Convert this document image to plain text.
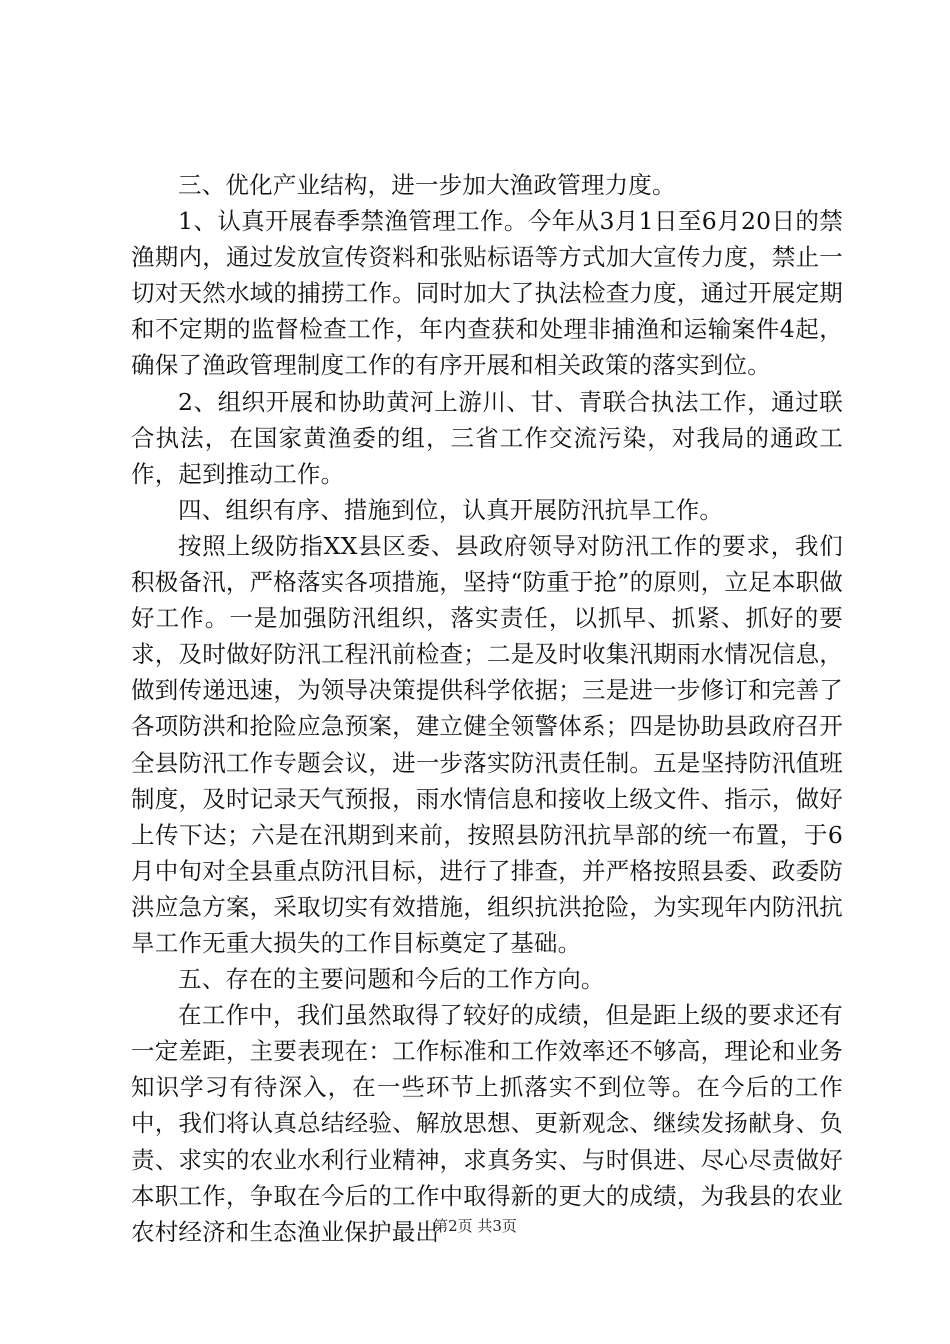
三、优化产业结构，进一步加大渔政管理力度。

1、认真开展春季禁渔管理工作。今年从3月1日至6月20日的禁渔期内，通过发放宣传资料和张贴标语等方式加大宣传力度，禁止一切对天然水域的捕捞工作。同时加大了执法检查力度，通过开展定期和不定期的监督检查工作，年内查获和处理非捕渔和运输案件4起，确保了渔政管理制度工作的有序开展和相关政策的落实到位。

2、组织开展和协助黄河上游川、甘、青联合执法工作，通过联合执法，在国家黄渔委的组，三省工作交流污染，对我局的通政工作，起到推动工作。

四、组织有序、措施到位，认真开展防汛抗旱工作。

按照上级防指XX县区委、县政府领导对防汛工作的要求，我们积极备汛，严格落实各项措施，坚持“防重于抢”的原则，立足本职做好工作。一是加强防汛组织，落实责任，以抓早、抓紧、抓好的要求，及时做好防汛工程汛前检查；二是及时收集汛期雨水情况信息，做到传递迅速，为领导决策提供科学依据；三是进一步修订和完善了各项防洪和抢险应急预案，建立健全领警体系；四是协助县政府召开全县防汛工作专题会议，进一步落实防汛责任制。五是坚持防汛值班制度，及时记录天气预报，雨水情信息和接收上级文件、指示，做好上传下达；六是在汛期到来前，按照县防汛抗旱部的统一布置，于6月中旬对全县重点防汛目标，进行了排查，并严格按照县委、政委防洪应急方案，采取切实有效措施，组织抗洪抢险，为实现年内防汛抗旱工作无重大损失的工作目标奠定了基础。

五、存在的主要问题和今后的工作方向。

在工作中，我们虽然取得了较好的成绩，但是距上级的要求还有一定差距，主要表现在：工作标准和工作效率还不够高，理论和业务知识学习有待深入，在一些环节上抓落实不到位等。在今后的工作中，我们将认真总结经验、解放思想、更新观念、继续发扬献身、负责、求实的农业水利行业精神，求真务实、与时俱进、尽心尽责做好本职工作，争取在今后的工作中取得新的更大的成绩，为我县的农业农村经济和生态渔业保护最出

第2页 共3页
